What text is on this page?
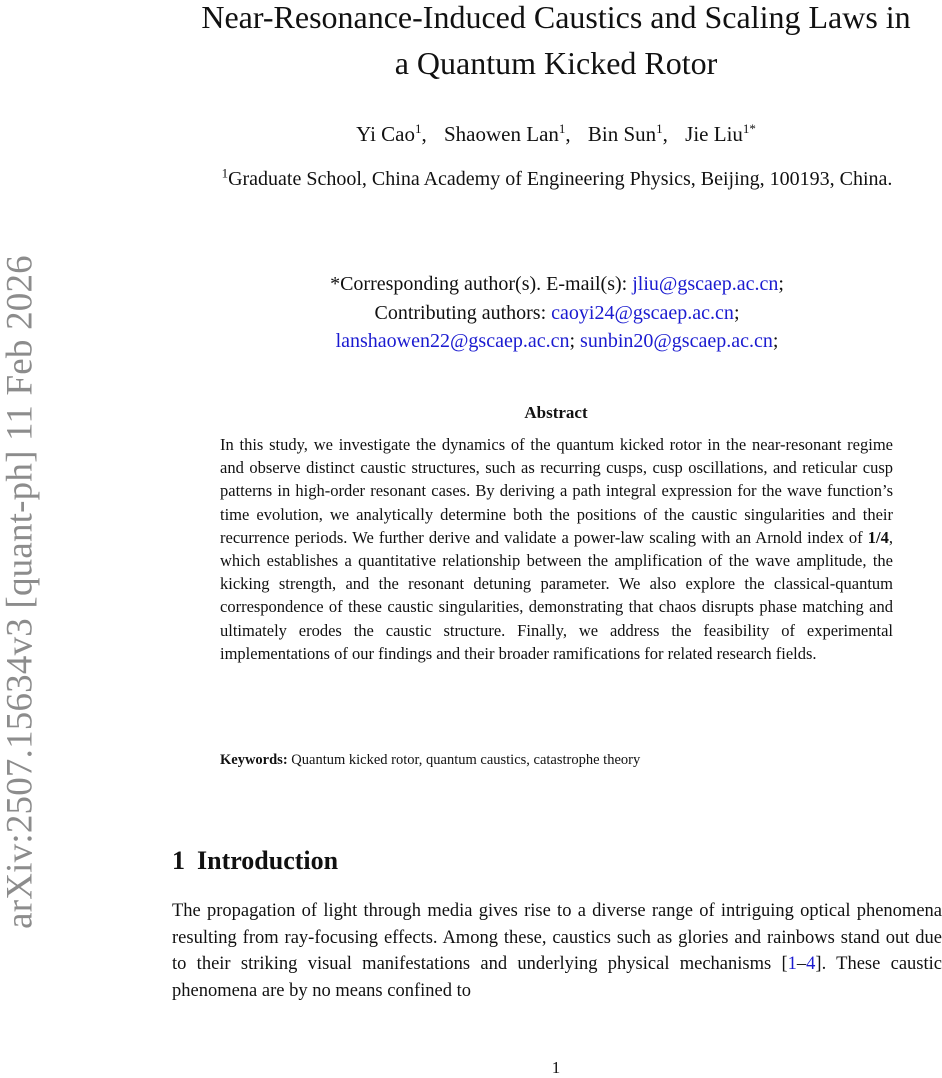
arXiv:2507.15634v3 [quant-ph] 11 Feb 2026
Near-Resonance-Induced Caustics and Scaling Laws in a Quantum Kicked Rotor
Yi Cao$^1$, Shaowen Lan$^1$, Bin Sun$^1$, Jie Liu$^{1*}$
$^1$Graduate School, China Academy of Engineering Physics, Beijing, 100193, China.
*Corresponding author(s). E-mail(s): jliu@gscaep.ac.cn;
Contributing authors: caoyi24@gscaep.ac.cn;
lanshaowen22@gscaep.ac.cn; sunbin20@gscaep.ac.cn;
Abstract

In this study, we investigate the dynamics of the quantum kicked rotor in the near-resonant regime and observe distinct caustic structures, such as recurring cusps, cusp oscillations, and reticular cusp patterns in high-order resonant cases. By deriving a path integral expression for the wave function’s time evolution, we analytically determine both the positions of the caustic singularities and their recurrence periods. We further derive and validate a power-law scaling with an Arnold index of 1/4, which establishes a quantitative relationship between the amplification of the wave amplitude, the kicking strength, and the resonant detuning parameter. We also explore the classical-quantum correspondence of these caustic singularities, demonstrating that chaos disrupts phase matching and ultimately erodes the caustic structure. Finally, we address the feasibility of experimental implementations of our findings and their broader ramifications for related research fields.

Keywords: Quantum kicked rotor, quantum caustics, catastrophe theory

1 Introduction

The propagation of light through media gives rise to a diverse range of intriguing optical phenomena resulting from ray-focusing effects. Among these, caustics such as glories and rainbows stand out due to their striking visual manifestations and underlying physical mechanisms [1–4]. These caustic phenomena are by no means confined to

1
